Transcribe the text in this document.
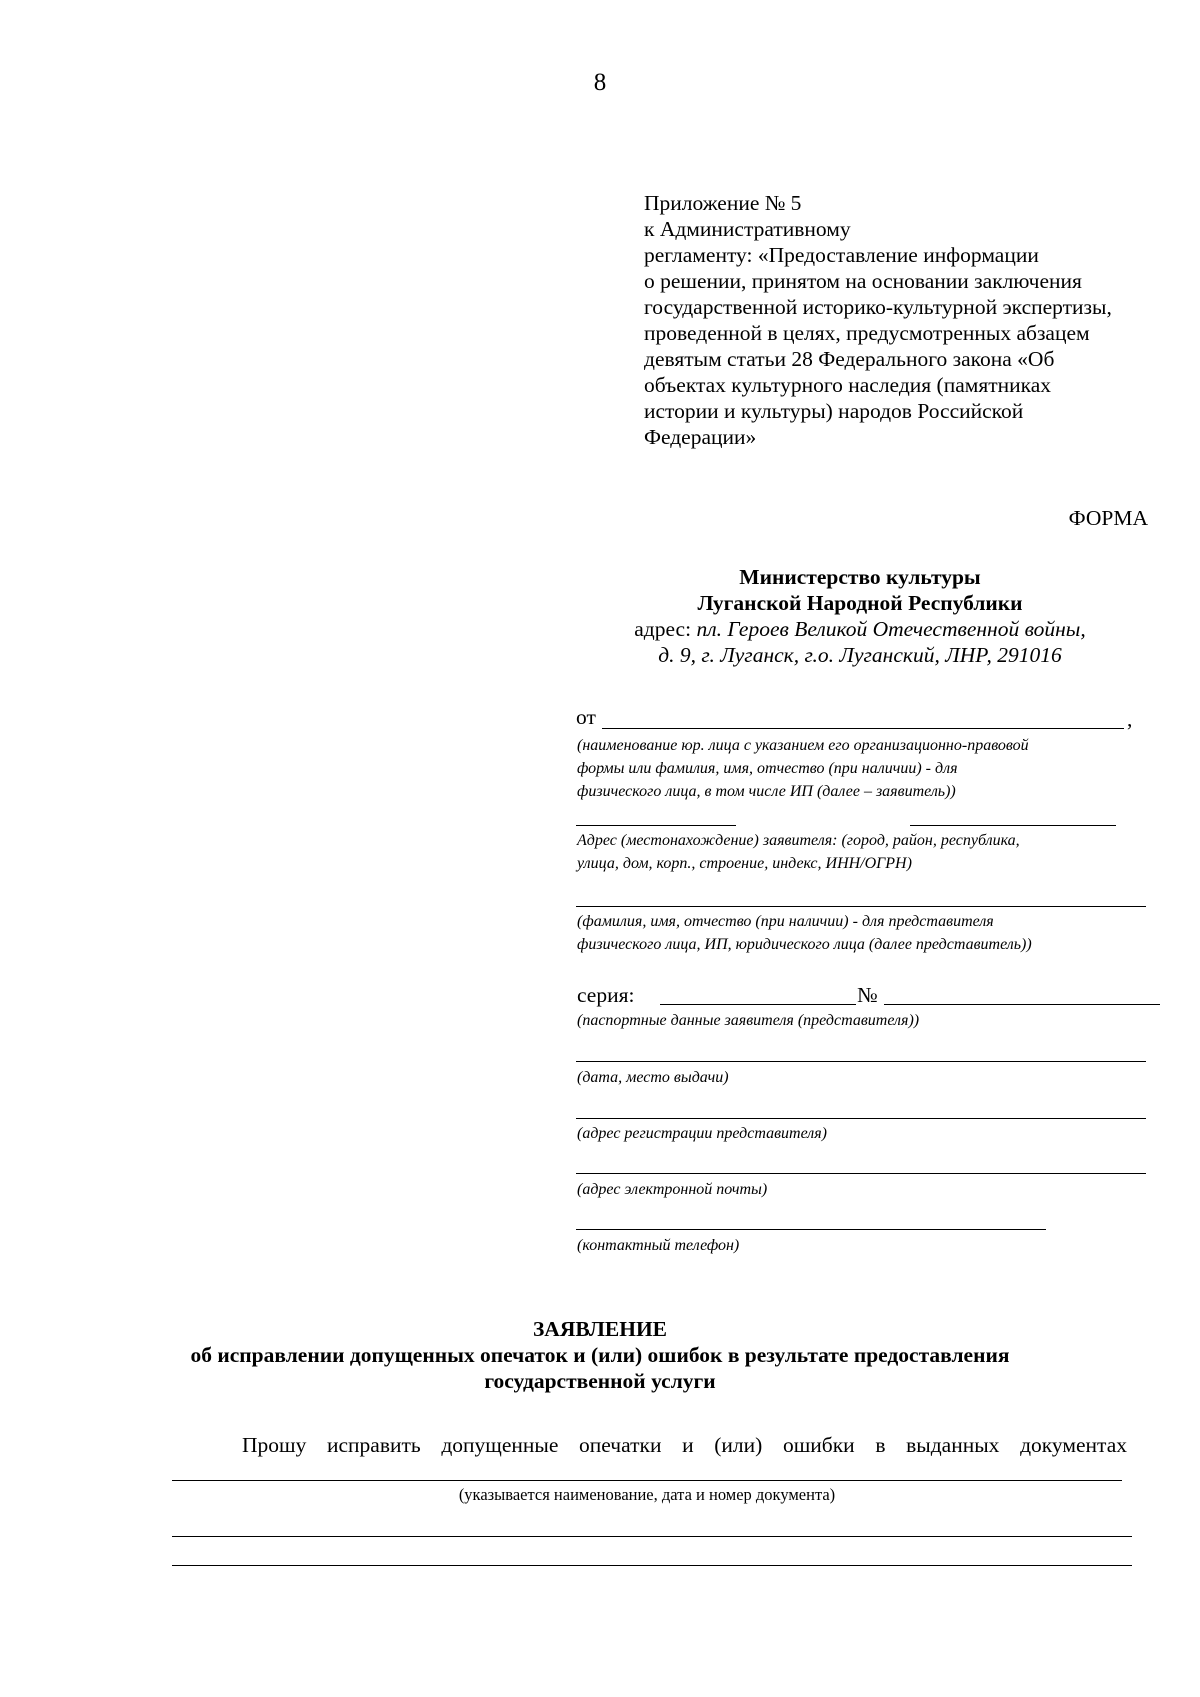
8
Приложение № 5
к Административному
регламенту: «Предоставление информации
о решении, принятом на основании заключения
государственной историко-культурной экспертизы,
проведенной в целях, предусмотренных абзацем
девятым статьи 28 Федерального закона «Об
объектах культурного наследия (памятниках
истории и культуры) народов Российской
Федерации»
ФОРМА
Министерство культуры
Луганской Народной Республики
адрес: пл. Героев Великой Отечественной войны,
д. 9, г. Луганск, г.о. Луганский, ЛНР, 291016
от	,
(наименование юр. лица с указанием его организационно-правовой
формы или фамилия, имя, отчество (при наличии) - для
физического лица, в том числе ИП (далее – заявитель))
Адрес (местонахождение) заявителя: (город, район, республика,
улица, дом, корп., строение, индекс, ИНН/ОГРН)
(фамилия, имя, отчество (при наличии) - для представителя
физического лица, ИП, юридического лица (далее представитель))
серия:	№
(паспортные данные заявителя (представителя))
(дата, место выдачи)
(адрес регистрации представителя)
(адрес электронной почты)
(контактный телефон)
ЗАЯВЛЕНИЕ
об исправлении допущенных опечаток и (или) ошибок в результате предоставления
государственной услуги
Прошу исправить допущенные опечатки и (или) ошибки в выданных документах
(указывается наименование, дата и номер документа)
